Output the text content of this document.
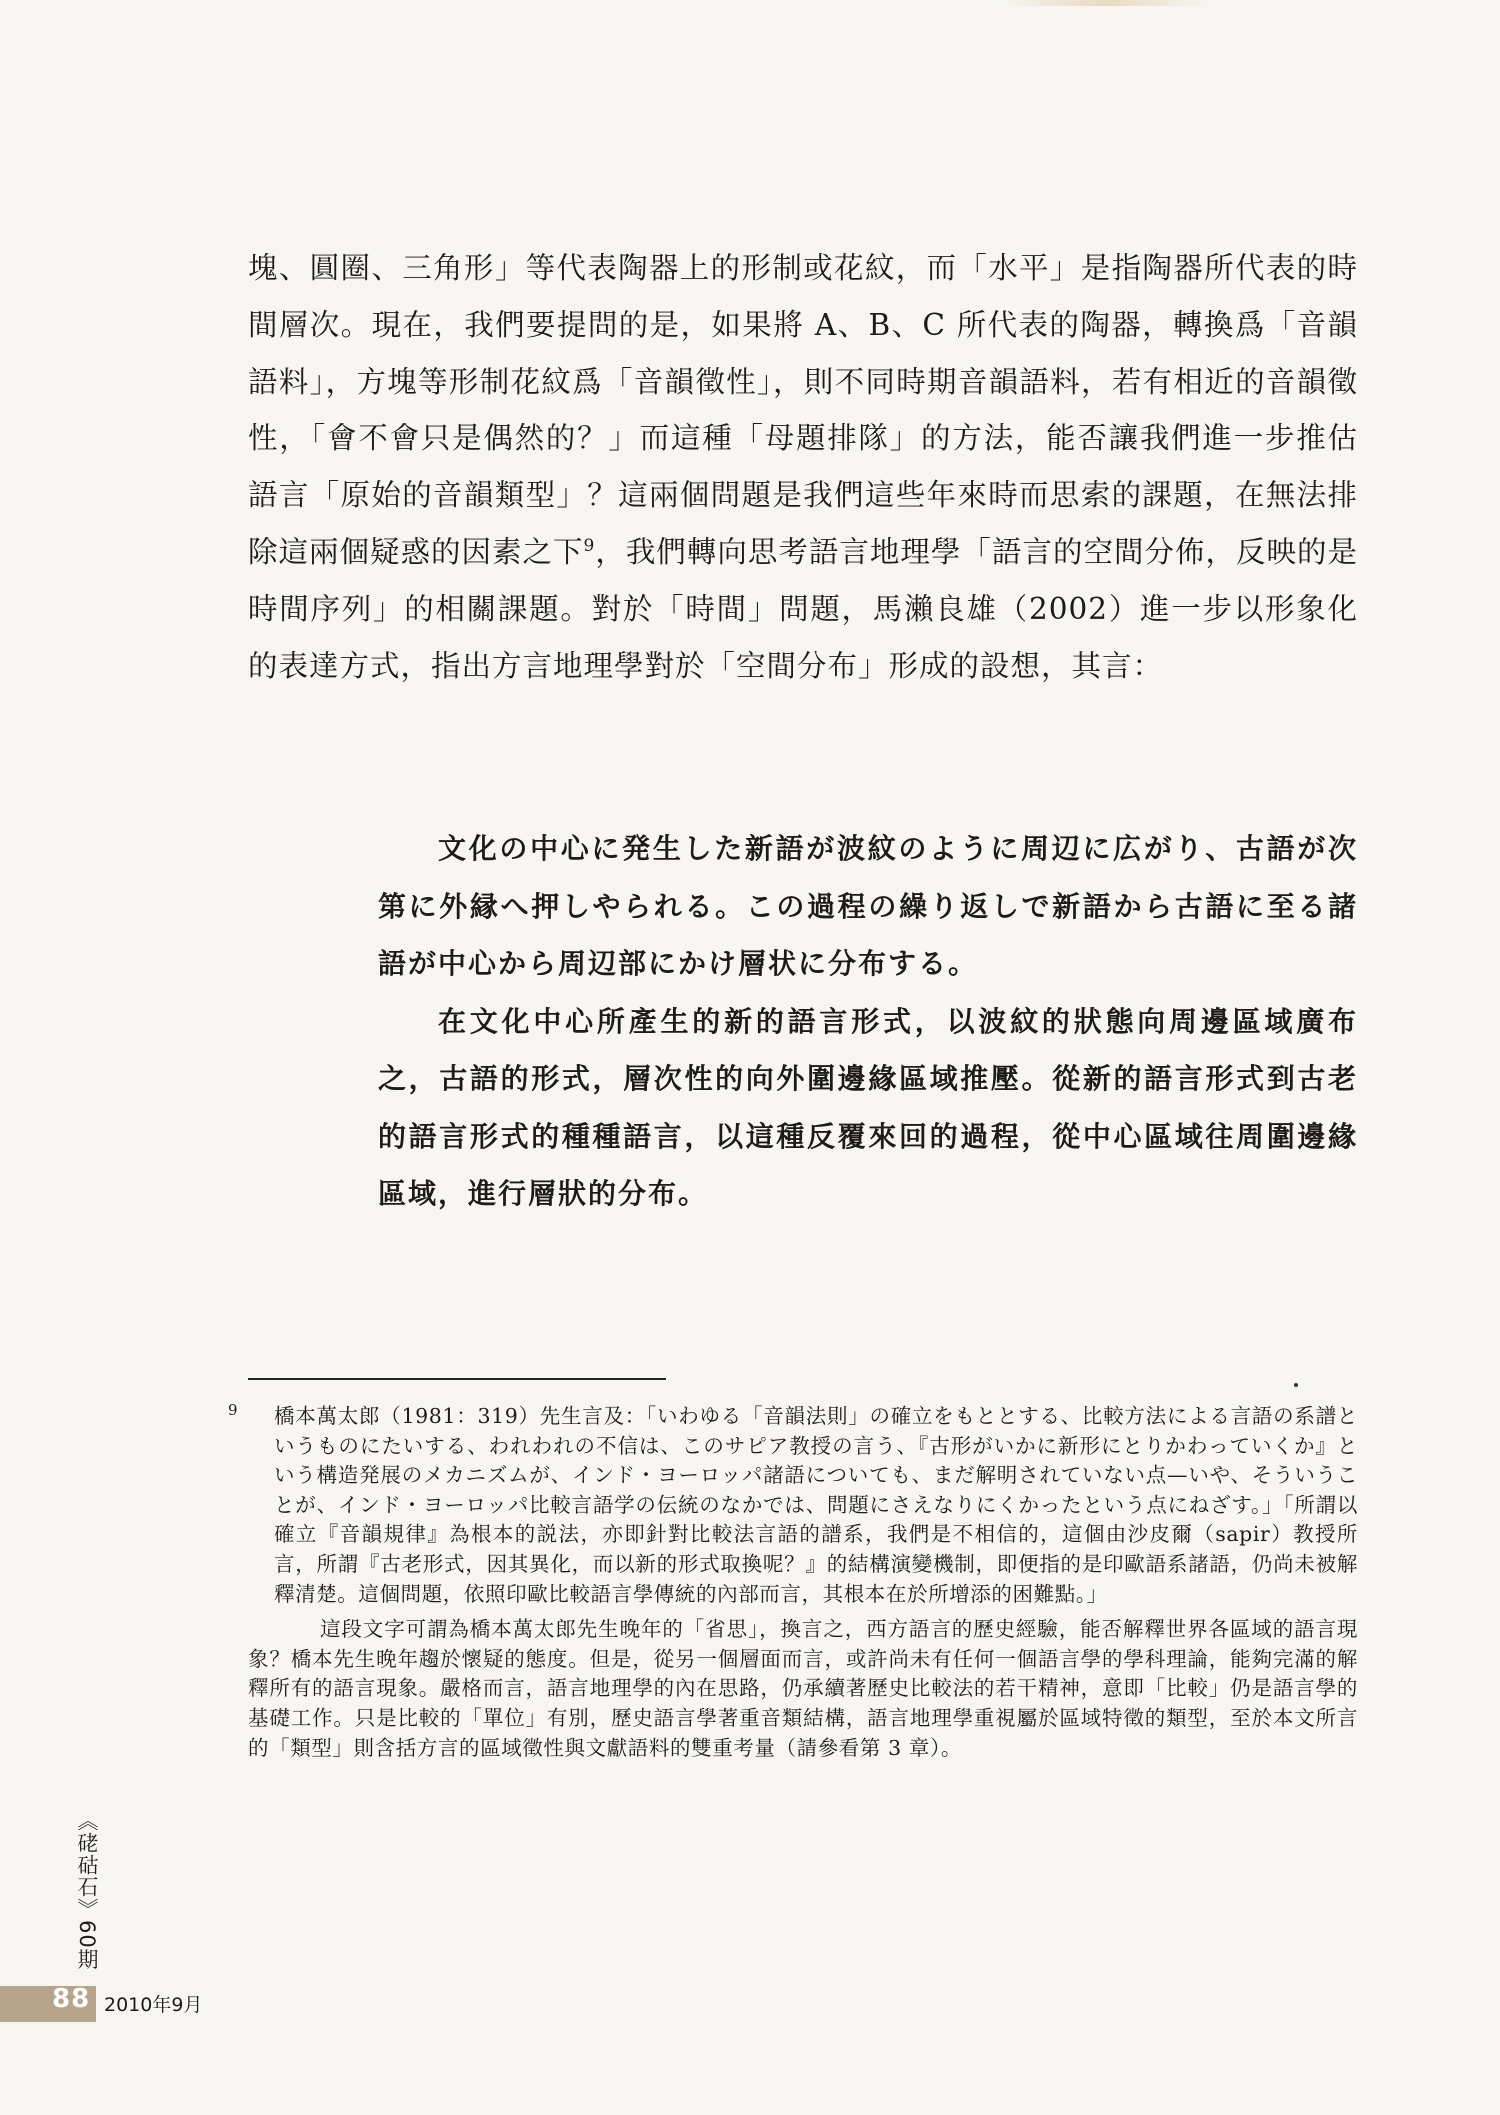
塊、圓圈、三角形」等代表陶器上的形制或花紋，而「水平」是指陶器所代表的時間層次。現在，我們要提問的是，如果將 A、B、C 所代表的陶器，轉換爲「音韻語料」，方塊等形制花紋爲「音韻徵性」，則不同時期音韻語料，若有相近的音韻徵性，「會不會只是偶然的？」而這種「母題排隊」的方法，能否讓我們進一步推估語言「原始的音韻類型」？這兩個問題是我們這些年來時而思索的課題，在無法排除這兩個疑惑的因素之下$^9$，我們轉向思考語言地理學「語言的空間分佈，反映的是時間序列」的相關課題。對於「時間」問題，馬瀨良雄（2002）進一步以形象化的表達方式，指出方言地理學對於「空間分布」形成的設想，其言：

文化の中心に発生した新語が波紋のように周辺に広がり、古語が次第に外縁へ押しやられる。この過程の繰り返しで新語から古語に至る諸語が中心から周辺部にかけ層状に分布する。

在文化中心所產生的新的語言形式，以波紋的狀態向周邊區域廣布之，古語的形式，層次性的向外圍邊緣區域推壓。從新的語言形式到古老的語言形式的種種語言，以這種反覆來回的過程，從中心區域往周圍邊緣區域，進行層狀的分布。

9 橋本萬太郎（1981：319）先生言及：「いわゆる「音韻法則」の確立をもととする、比較方法による言語の系譜というものにたいする、われわれの不信は、このサピア教授の言う、『古形がいかに新形にとりかわっていくか』という構造発展のメカニズムが、インド・ヨーロッパ諸語についても、まだ解明されていない点—いや、そういうことが、インド・ヨーロッパ比較言語学の伝統のなかでは、問題にさえなりにくかったという点にねざす。」「所謂以確立『音韻規律』為根本的説法，亦即針對比較法言語的譜系，我們是不相信的，這個由沙皮爾（sapir）教授所言，所謂『古老形式，因其異化，而以新的形式取換呢？』的結構演變機制，即便指的是印歐語系諸語，仍尚未被解釋清楚。這個問題，依照印歐比較語言學傳統的內部而言，其根本在於所增添的困難點。」

這段文字可謂為橋本萬太郎先生晚年的「省思」，換言之，西方語言的歷史經驗，能否解釋世界各區域的語言現象？橋本先生晚年趨於懷疑的態度。但是，從另一個層面而言，或許尚未有任何一個語言學的學科理論，能夠完滿的解釋所有的語言現象。嚴格而言，語言地理學的內在思路，仍承續著歷史比較法的若干精神，意即「比較」仍是語言學的基礎工作。只是比較的「單位」有別，歷史語言學著重音類結構，語言地理學重視屬於區域特徵的類型，至於本文所言的「類型」則含括方言的區域徵性與文獻語料的雙重考量（請參看第 3 章）。

《硓𥑮石》60期
88 2010年9月
